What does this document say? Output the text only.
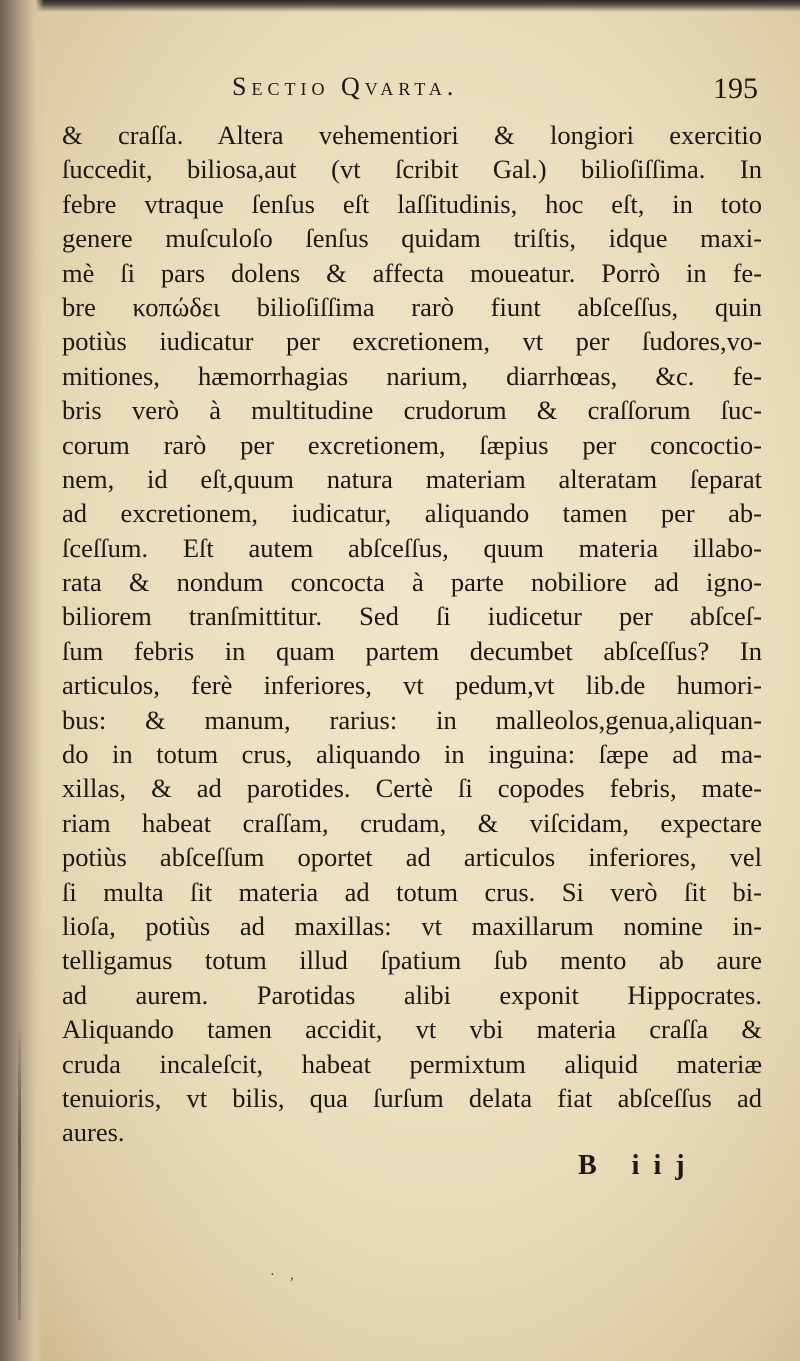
Sectio Qvarta.	195
& craſſa. Altera vehementiori & longiori exercitio
ſuccedit, biliosa,aut (vt ſcribit Gal.) bilioſiſſima. In
febre vtraque ſenſus eſt laſſitudinis, hoc eſt, in toto
genere muſculoſo ſenſus quidam triſtis, idque maxi-
mè ſi pars dolens & affecta moueatur. Porrò in fe-
bre κοπώδει bilioſiſſima rarò fiunt abſceſſus, quin
potiùs iudicatur per excretionem, vt per ſudores,vo-
mitiones, hæmorrhagias narium, diarrhœas, &c. fe-
bris verò à multitudine crudorum & craſſorum ſuc-
corum rarò per excretionem, ſæpius per concoctio-
nem, id eſt,quum natura materiam alteratam ſeparat
ad excretionem, iudicatur, aliquando tamen per ab-
ſceſſum. Eſt autem abſceſſus, quum materia illabo-
rata & nondum concocta à parte nobiliore ad igno-
biliorem tranſmittitur. Sed ſi iudicetur per abſceſ-
ſum febris in quam partem decumbet abſceſſus? In
articulos, ferè inferiores, vt pedum,vt lib.de humori-
bus: & manum, rarius: in malleolos,genua,aliquan-
do in totum crus, aliquando in inguina: ſæpe ad ma-
xillas, & ad parotides. Certè ſi copodes febris, mate-
riam habeat craſſam, crudam, & viſcidam, expectare
potiùs abſceſſum oportet ad articulos inferiores, vel
ſi multa ſit materia ad totum crus. Si verò ſit bi-
lioſa, potiùs ad maxillas: vt maxillarum nomine in-
telligamus totum illud ſpatium ſub mento ab aure
ad aurem. Parotidas alibi exponit Hippocrates.
Aliquando tamen accidit, vt vbi materia craſſa &
cruda incaleſcit, habeat permixtum aliquid materiæ
tenuioris, vt bilis, qua ſurſum delata fiat abſceſſus ad
aures.
B iij
· ,
